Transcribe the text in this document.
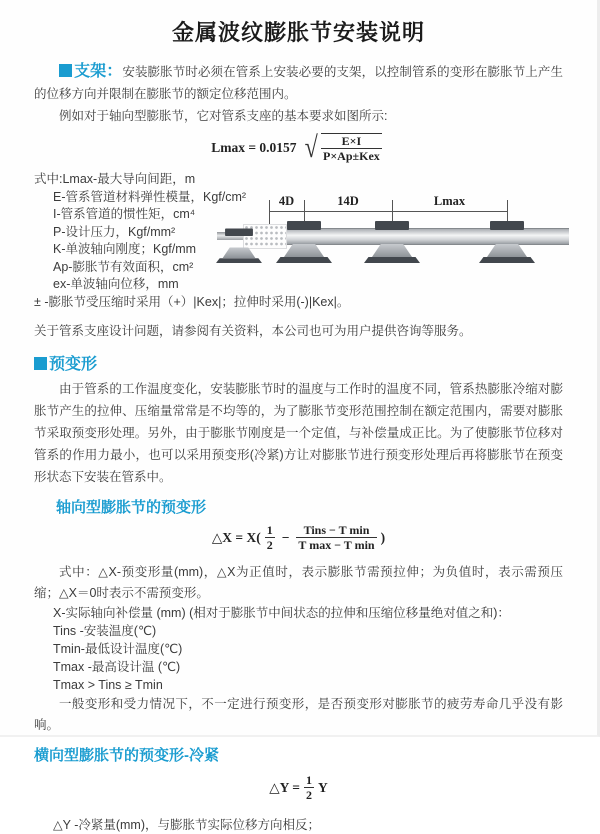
金属波纹膨胀节安装说明

支架：安装膨胀节时必须在管系上安装必要的支架，以控制管系的变形在膨胀节上产生的位移方向并限制在膨胀节的额定位移范围内。

例如对于轴向型膨胀节，它对管系支座的基本要求如图所示:

Lmax = 0.0157 √ $\frac{E\times I}{\text{P×Ap±Kex}}$
式中:Lmax-最大导向间距，m
E-管系管道材料弹性模量，Kgf/cm²
I-管系管道的惯性矩，cm⁴
P-设计压力，Kgf/mm²
K-单波轴向刚度；Kgf/mm
Ap-膨胀节有效面积，cm²
ex-单波轴向位移，mm
± -膨胀节受压缩时采用（+）|Kex|；拉伸时采用(-)|Kex|。
4D	14D	Lmax
关于管系支座设计问题，请参阅有关资料，本公司也可为用户提供咨询等服务。
预变形

由于管系的工作温度变化，安装膨胀节时的温度与工作时的温度不同，管系热膨胀冷缩对膨胀节产生的拉伸、压缩量常常是不均等的，为了膨胀节变形范围控制在额定范围内，需要对膨胀节采取预变形处理。另外，由于膨胀节刚度是一个定值，与补偿量成正比。为了使膨胀节位移对管系的作用力最小，也可以采用预变形(冷紧)方让对膨胀节进行预变形处理后再将膨胀节在预变形状态下安装在管系中。

轴向型膨胀节的预变形
△X = $X( \frac{1}{2} - \frac{\text{Tins − T min}}{\text{T max − T min}}$ )

式中：△X-预变形量(mm)，△X为正值时，表示膨胀节需预拉伸；为负值时，表示需预压缩；△X＝0时表示不需预变形。

X-实际轴向补偿量 (mm) (相对于膨胀节中间状态的拉伸和压缩位移量绝对值之和)：
Tins -安装温度(℃)
Tmin-最低设计温度(℃)
Tmax -最高设计温 (℃)
Tmax > Tins ≥ Tmin

一般变形和受力情况下，不一定进行预变形，是否预变形对膨胀节的疲劳寿命几乎没有影响。

横向型膨胀节的预变形-冷紧
△Y = $\frac{1}{2}$ Y
△Y -冷紧量(mm)，与膨胀节实际位移方向相反；
